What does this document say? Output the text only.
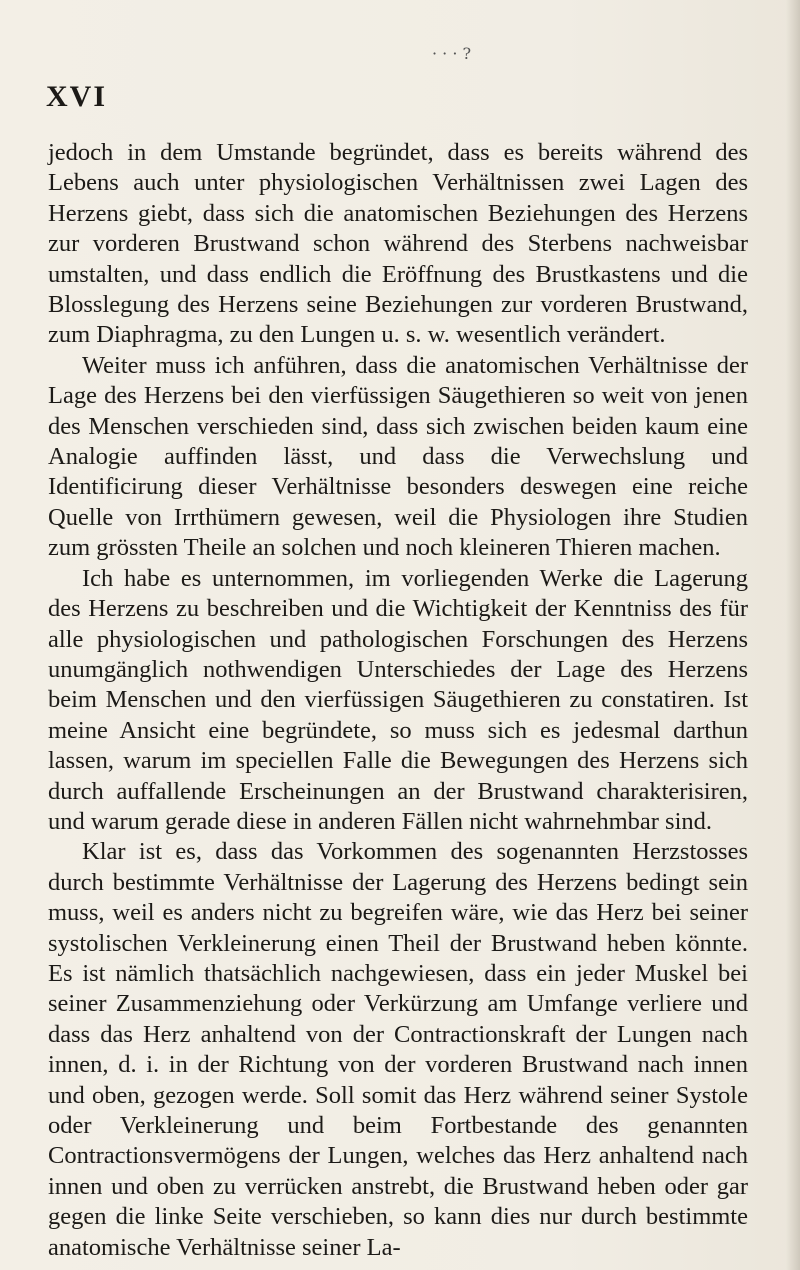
· · · ?
XVI

jedoch in dem Umstande begründet, dass es bereits während des Lebens auch unter physiologischen Verhältnissen zwei Lagen des Herzens giebt, dass sich die anatomischen Beziehungen des Herzens zur vorderen Brustwand schon während des Sterbens nachweisbar umstalten, und dass endlich die Eröffnung des Brustkastens und die Blosslegung des Herzens seine Beziehungen zur vorderen Brustwand, zum Diaphragma, zu den Lungen u. s. w. wesentlich verändert.

Weiter muss ich anführen, dass die anatomischen Verhältnisse der Lage des Herzens bei den vierfüssigen Säugethieren so weit von jenen des Menschen verschieden sind, dass sich zwischen beiden kaum eine Analogie auffinden lässt, und dass die Verwechslung und Identificirung dieser Verhältnisse besonders deswegen eine reiche Quelle von Irrthümern gewesen, weil die Physiologen ihre Studien zum grössten Theile an solchen und noch kleineren Thieren machen.

Ich habe es unternommen, im vorliegenden Werke die Lagerung des Herzens zu beschreiben und die Wichtigkeit der Kenntniss des für alle physiologischen und pathologischen Forschungen des Herzens unumgänglich nothwendigen Unterschiedes der Lage des Herzens beim Menschen und den vierfüssigen Säugethieren zu constatiren. Ist meine Ansicht eine begründete, so muss sich es jedesmal darthun lassen, warum im speciellen Falle die Bewegungen des Herzens sich durch auffallende Erscheinungen an der Brustwand charakterisiren, und warum gerade diese in anderen Fällen nicht wahrnehmbar sind.

Klar ist es, dass das Vorkommen des sogenannten Herzstosses durch bestimmte Verhältnisse der Lagerung des Herzens bedingt sein muss, weil es anders nicht zu begreifen wäre, wie das Herz bei seiner systolischen Verkleinerung einen Theil der Brustwand heben könnte. Es ist nämlich thatsächlich nachgewiesen, dass ein jeder Muskel bei seiner Zusammenziehung oder Verkürzung am Umfange verliere und dass das Herz anhaltend von der Contractionskraft der Lungen nach innen, d. i. in der Richtung von der vorderen Brustwand nach innen und oben, gezogen werde. Soll somit das Herz während seiner Systole oder Verkleinerung und beim Fortbestande des genannten Contractionsvermögens der Lungen, welches das Herz anhaltend nach innen und oben zu verrücken anstrebt, die Brustwand heben oder gar gegen die linke Seite verschieben, so kann dies nur durch bestimmte anatomische Verhältnisse seiner La-
